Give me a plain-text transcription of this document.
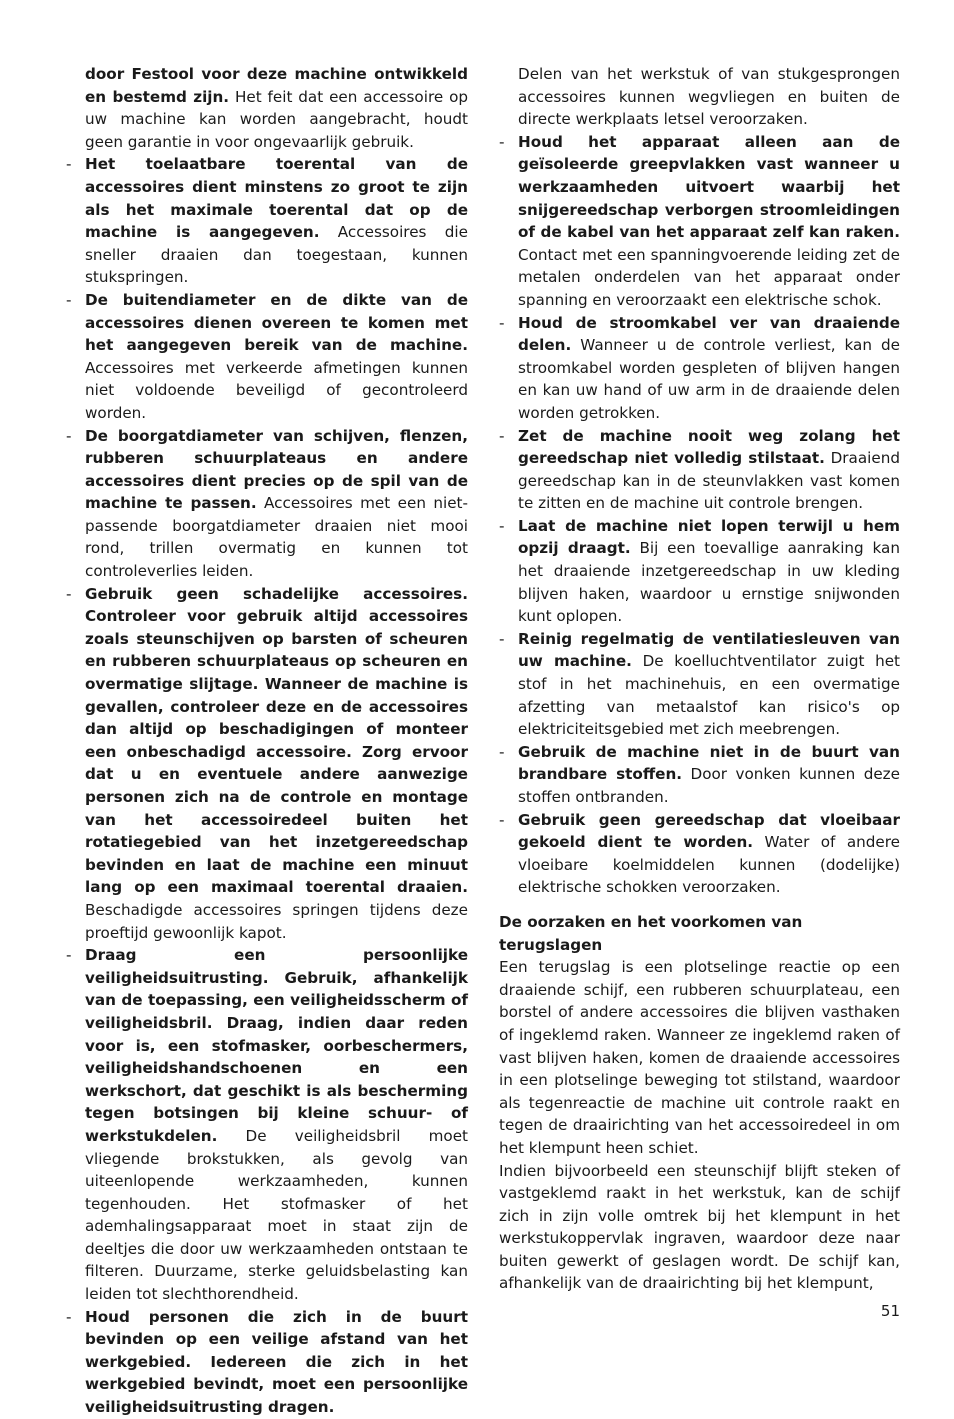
door Festool voor deze machine ontwikkeld en bestemd zijn. Het feit dat een accessoire op uw machine kan worden aangebracht, houdt geen garantie in voor ongevaarlijk gebruik.

- Het toelaatbare toerental van de accessoires dient minstens zo groot te zijn als het maximale toerental dat op de machine is aangegeven. Accessoires die sneller draaien dan toegestaan, kunnen stukspringen.

- De buitendiameter en de dikte van de accessoires dienen overeen te komen met het aangegeven bereik van de machine. Accessoires met verkeerde afmetingen kunnen niet voldoende beveiligd of gecontroleerd worden.

- De boorgatdiameter van schijven, flenzen, rubberen schuurplateaus en andere accessoires dient precies op de spil van de machine te passen. Accessoires met een niet-passende boorgatdiameter draaien niet mooi rond, trillen overmatig en kunnen tot controleverlies leiden.

- Gebruik geen schadelijke accessoires. Controleer voor gebruik altijd accessoires zoals steunschijven op barsten of scheuren en rubberen schuurplateaus op scheuren en overmatige slijtage. Wanneer de machine is gevallen, controleer deze en de accessoires dan altijd op beschadigingen of monteer een onbeschadigd accessoire. Zorg ervoor dat u en eventuele andere aanwezige personen zich na de controle en montage van het accessoiredeel buiten het rotatiegebied van het inzetgereedschap bevinden en laat de machine een minuut lang op een maximaal toerental draaien. Beschadigde accessoires springen tijdens deze proeftijd gewoonlijk kapot.

- Draag een persoonlijke veiligheidsuitrusting. Gebruik, afhankelijk van de toepassing, een veiligheidsscherm of veiligheidsbril. Draag, indien daar reden voor is, een stofmasker, oorbeschermers, veiligheidshandschoenen en een werkschort, dat geschikt is als bescherming tegen botsingen bij kleine schuur- of werkstukdelen. De veiligheidsbril moet vliegende brokstukken, als gevolg van uiteenlopende werkzaamheden, kunnen tegenhouden. Het stofmasker of het ademhalingsapparaat moet in staat zijn de deeltjes die door uw werkzaamheden ontstaan te filteren. Duurzame, sterke geluidsbelasting kan leiden tot slechthorendheid.

- Houd personen die zich in de buurt bevinden op een veilige afstand van het werkgebied. Iedereen die zich in het werkgebied bevindt, moet een persoonlijke veiligheidsuitrusting dragen.

Delen van het werkstuk of van stukgesprongen accessoires kunnen wegvliegen en buiten de directe werkplaats letsel veroorzaken.

- Houd het apparaat alleen aan de geïsoleerde greepvlakken vast wanneer u werkzaamheden uitvoert waarbij het snijgereedschap verborgen stroomleidingen of de kabel van het apparaat zelf kan raken. Contact met een spanningvoerende leiding zet de metalen onderdelen van het apparaat onder spanning en veroorzaakt een elektrische schok.

- Houd de stroomkabel ver van draaiende delen. Wanneer u de controle verliest, kan de stroomkabel worden gespleten of blijven hangen en kan uw hand of uw arm in de draaiende delen worden getrokken.

- Zet de machine nooit weg zolang het gereedschap niet volledig stilstaat. Draaiend gereedschap kan in de steunvlakken vast komen te zitten en de machine uit controle brengen.

- Laat de machine niet lopen terwijl u hem opzij draagt. Bij een toevallige aanraking kan het draaiende inzetgereedschap in uw kleding blijven haken, waardoor u ernstige snijwonden kunt oplopen.

- Reinig regelmatig de ventilatiesleuven van uw machine. De koelluchtventilator zuigt het stof in het machinehuis, en een overmatige afzetting van metaalstof kan risico's op elektriciteitsgebied met zich meebrengen.

- Gebruik de machine niet in de buurt van brandbare stoffen. Door vonken kunnen deze stoffen ontbranden.

- Gebruik geen gereedschap dat vloeibaar gekoeld dient te worden. Water of andere vloeibare koelmiddelen kunnen (dodelijke) elektrische schokken veroorzaken.

De oorzaken en het voorkomen van terugslagen

Een terugslag is een plotselinge reactie op een draaiende schijf, een rubberen schuurplateau, een borstel of andere accessoires die blijven vasthaken of ingeklemd raken. Wanneer ze ingeklemd raken of vast blijven haken, komen de draaiende accessoires in een plotselinge beweging tot stilstand, waardoor als tegenreactie de machine uit controle raakt en tegen de draairichting van het accessoiredeel in om het klempunt heen schiet.

Indien bijvoorbeeld een steunschijf blijft steken of vastgeklemd raakt in het werkstuk, kan de schijf zich in zijn volle omtrek bij het klempunt in het werkstukoppervlak ingraven, waardoor deze naar buiten gewerkt of geslagen wordt. De schijf kan, afhankelijk van de draairichting bij het klempunt,

51
